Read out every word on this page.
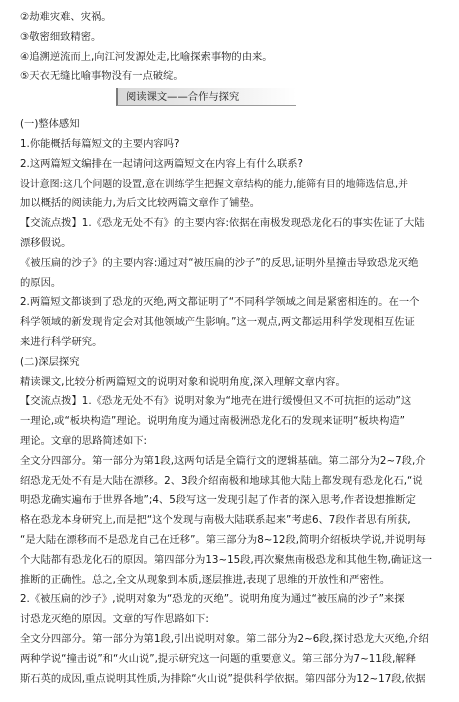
②劫难灾难、灾祸。
③敬密细致精密。
④追溯逆流而上,向江河发源处走,比喻探索事物的由来。
⑤天衣无缝比喻事物没有一点破绽。
阅读课文——合作与探究
(一)整体感知
1.你能概括每篇短文的主要内容吗?
2.这两篇短文编排在一起请问这两篇短文在内容上有什么联系?
设计意图:这几个问题的设置,意在训练学生把握文章结构的能力,能筛有目的地筛选信息,并
加以概括的阅读能力,为后文比较两篇文章作了铺垫。
【交流点拨】1.《恐龙无处不有》的主要内容:依据在南极发现恐龙化石的事实佐证了大陆
漂移假说。
《被压扁的沙子》的主要内容:通过对“被压扁的沙子”的反思,证明外星撞击导致恐龙灭绝
的原因。
2.两篇短文都谈到了恐龙的灭绝,两文都证明了“不同科学领域之间是紧密相连的。在一个
科学领域的新发现肯定会对其他领域产生影响。”这一观点,两文都运用科学发现相互佐证
来进行科学研究。
(二)深层探究
精读课文,比较分析两篇短文的说明对象和说明角度,深入理解文章内容。
【交流点拨】1.《恐龙无处不有》说明对象为“地壳在进行缓慢但又不可抗拒的运动”这
一理论,或“板块构造”理论。说明角度为通过南极洲恐龙化石的发现来证明“板块构造”
理论。文章的思路简述如下:
全文分四部分。第一部分为第1段,这两句话是全篇行文的逻辑基础。第二部分为2~7段,介
绍恐龙无处不有是大陆在漂移。2、3段介绍南极和地球其他大陆上都发现有恐龙化石,“说
明恐龙确实遍布于世界各地”;4、5段写这一发现引起了作者的深入思考,作者设想推断定
格在恐龙本身研究上,而是把“这个发现与南极大陆联系起来”考虑6、7段作者思有所获,
“是大陆在漂移而不是恐龙自己在迁移”。第三部分为8~12段,简明介绍板块学说,并说明每
个大陆都有恐龙化石的原因。第四部分为13~15段,再次聚焦南极恐龙和其他生物,确证这一
推断的正确性。总之,全文从现象到本质,逐层推进,表现了思维的开放性和严密性。
2.《被压扁的沙子》,说明对象为“恐龙的灭绝”。说明角度为通过“被压扁的沙子”来探
讨恐龙灭绝的原因。文章的写作思路如下:
全文分四部分。第一部分为第1段,引出说明对象。第二部分为2~6段,探讨恐龙大灭绝,介绍
两种学说“撞击说”和“火山说”,提示研究这一问题的重要意义。第三部分为7~11段,解释
斯石英的成因,重点说明其性质,为排除“火山说”提供科学依据。第四部分为12~17段,依据
